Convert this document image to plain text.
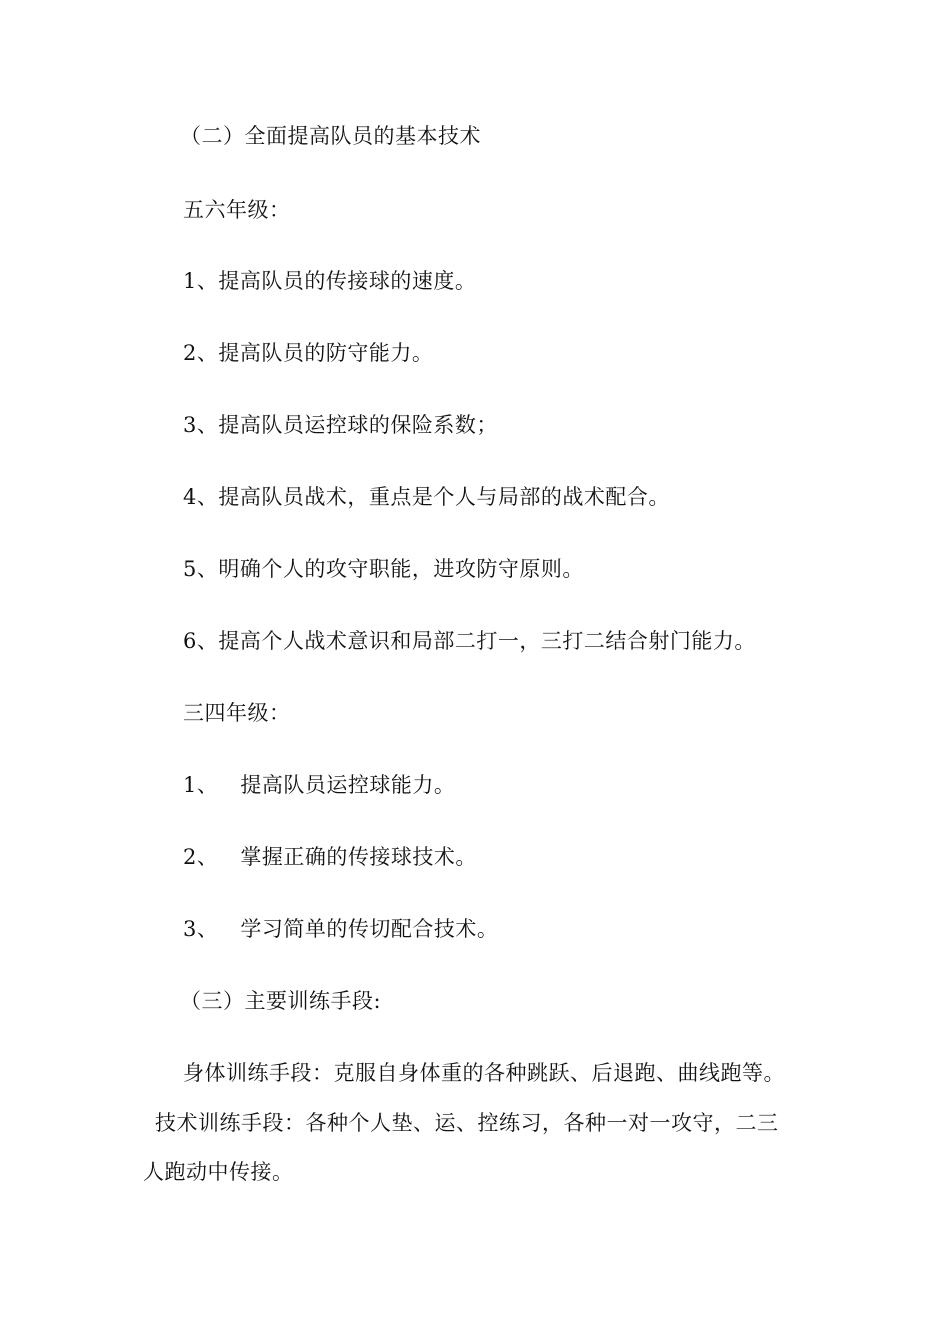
（二）全面提高队员的基本技术
五六年级：
1、提高队员的传接球的速度。
2、提高队员的防守能力。
3、提高队员运控球的保险系数；
4、提高队员战术，重点是个人与局部的战术配合。
5、明确个人的攻守职能，进攻防守原则。
6、提高个人战术意识和局部二打一，三打二结合射门能力。
三四年级：
1、 提高队员运控球能力。
2、 掌握正确的传接球技术。
3、 学习简单的传切配合技术。
（三）主要训练手段:
身体训练手段：克服自身体重的各种跳跃、后退跑、曲线跑等。
技术训练手段：各种个人垫、运、控练习，各种一对一攻守，二三
人跑动中传接。
